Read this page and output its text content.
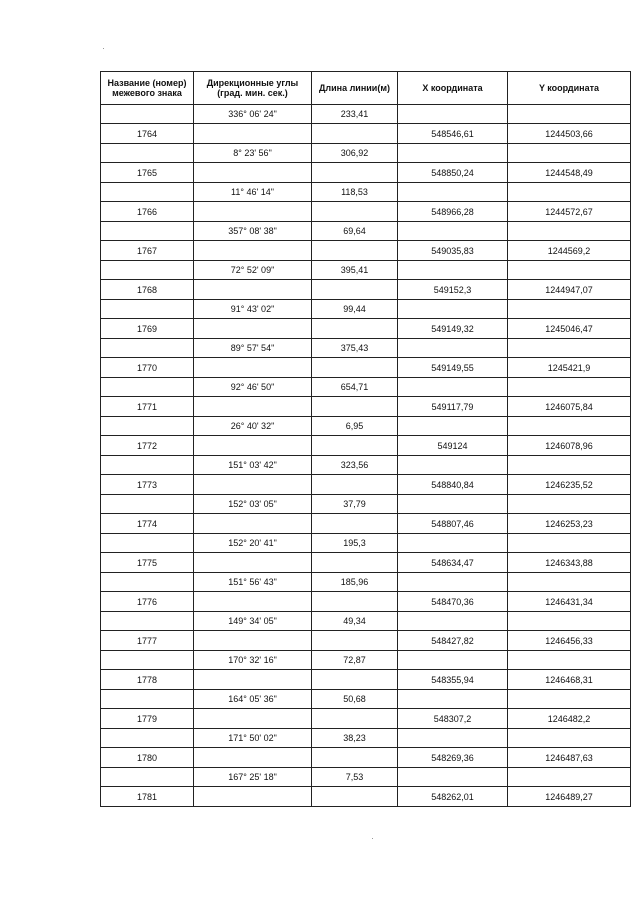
Название (номер) межевого знака	Дирекционные углы (град. мин. сек.)	Длина линии(м)	X координата	Y координата
	336° 06' 24"	233,41		
1764			548546,61	1244503,66
	8° 23' 56"	306,92		
1765			548850,24	1244548,49
	11° 46' 14"	118,53		
1766			548966,28	1244572,67
	357° 08' 38"	69,64		
1767			549035,83	1244569,2
	72° 52' 09"	395,41		
1768			549152,3	1244947,07
	91° 43' 02"	99,44		
1769			549149,32	1245046,47
	89° 57' 54"	375,43		
1770			549149,55	1245421,9
	92° 46' 50"	654,71		
1771			549117,79	1246075,84
	26° 40' 32"	6,95		
1772			549124	1246078,96
	151° 03' 42"	323,56		
1773			548840,84	1246235,52
	152° 03' 05"	37,79		
1774			548807,46	1246253,23
	152° 20' 41"	195,3		
1775			548634,47	1246343,88
	151° 56' 43"	185,96		
1776			548470,36	1246431,34
	149° 34' 05"	49,34		
1777			548427,82	1246456,33
	170° 32' 16"	72,87		
1778			548355,94	1246468,31
	164° 05' 36"	50,68		
1779			548307,2	1246482,2
	171° 50' 02"	38,23		
1780			548269,36	1246487,63
	167° 25' 18"	7,53		
1781			548262,01	1246489,27
